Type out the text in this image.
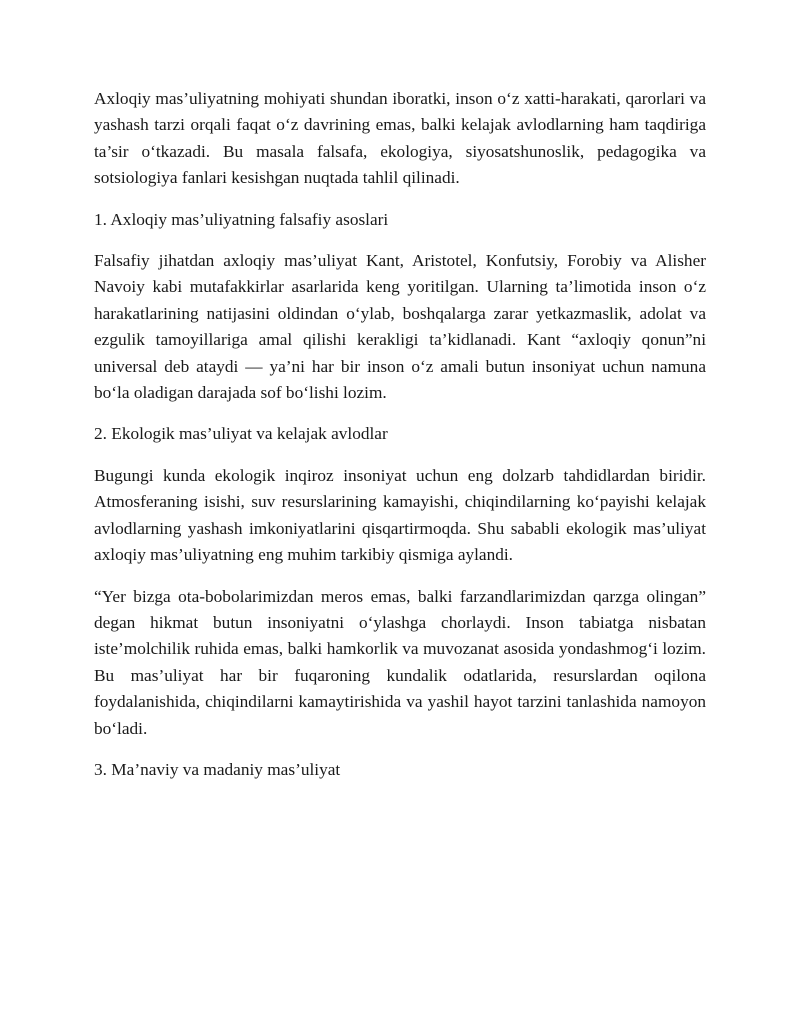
Axloqiy mas’uliyatning mohiyati shundan iboratki, inson o‘z xatti-harakati, qarorlari va yashash tarzi orqali faqat o‘z davrining emas, balki kelajak avlodlarning ham taqdiriga ta’sir o‘tkazadi. Bu masala falsafa, ekologiya, siyosatshunoslik, pedagogika va sotsiologiya fanlari kesishgan nuqtada tahlil qilinadi.

1. Axloqiy mas’uliyatning falsafiy asoslari

Falsafiy jihatdan axloqiy mas’uliyat Kant, Aristotel, Konfutsiy, Forobiy va Alisher Navoiy kabi mutafakkirlar asarlarida keng yoritilgan. Ularning ta’limotida inson o‘z harakatlarining natijasini oldindan o‘ylab, boshqalarga zarar yetkazmaslik, adolat va ezgulik tamoyillariga amal qilishi kerakligi ta’kidlanadi. Kant “axloqiy qonun”ni universal deb ataydi — ya’ni har bir inson o‘z amali butun insoniyat uchun namuna bo‘la oladigan darajada sof bo‘lishi lozim.

2. Ekologik mas’uliyat va kelajak avlodlar

Bugungi kunda ekologik inqiroz insoniyat uchun eng dolzarb tahdidlardan biridir. Atmosferaning isishi, suv resurslarining kamayishi, chiqindilarning ko‘payishi kelajak avlodlarning yashash imkoniyatlarini qisqartirmoqda. Shu sababli ekologik mas’uliyat axloqiy mas’uliyatning eng muhim tarkibiy qismiga aylandi.

“Yer bizga ota-bobolarimizdan meros emas, balki farzandlarimizdan qarzga olingan” degan hikmat butun insoniyatni o‘ylashga chorlaydi. Inson tabiatga nisbatan iste’molchilik ruhida emas, balki hamkorlik va muvozanat asosida yondashmog‘i lozim. Bu mas’uliyat har bir fuqaroning kundalik odatlarida, resurslardan oqilona foydalanishida, chiqindilarni kamaytirishida va yashil hayot tarzini tanlashida namoyon bo‘ladi.

3. Ma’naviy va madaniy mas’uliyat
